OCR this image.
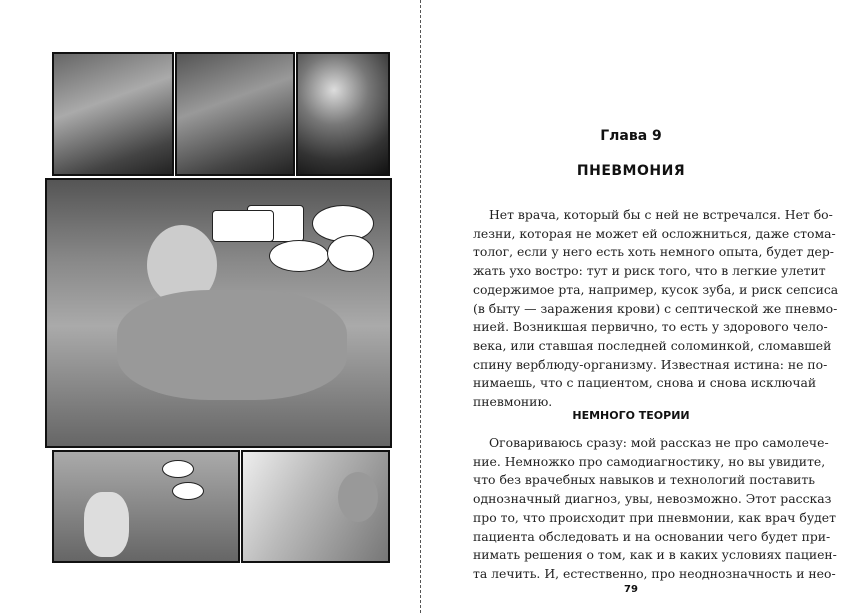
Глава 9
ПНЕВМОНИЯ
Нет врача, который бы с ней не встречался. Нет бо-
лезни, которая не может ей осложниться, даже стома-
толог, если у него есть хоть немного опыта, будет дер-
жать ухо востро: тут и риск того, что в легкие улетит
содержимое рта, например, кусок зуба, и риск сепсиса
(в быту — заражения крови) с септической же пневмо-
нией. Возникшая первично, то есть у здорового чело-
века, или ставшая последней соломинкой, сломавшей
спину верблюду-организму. Известная истина: не по-
нимаешь, что с пациентом, снова и снова исключай
пневмонию.
НЕМНОГО ТЕОРИИ
Оговариваюсь сразу: мой рассказ не про самолече-
ние. Немножко про самодиагностику, но вы увидите,
что без врачебных навыков и технологий поставить
однозначный диагноз, увы, невозможно. Этот рассказ
про то, что происходит при пневмонии, как врач будет
пациента обследовать и на основании чего будет при-
нимать решения о том, как и в каких условиях пациен-
та лечить. И, естественно, про неоднозначность и нео-
79
